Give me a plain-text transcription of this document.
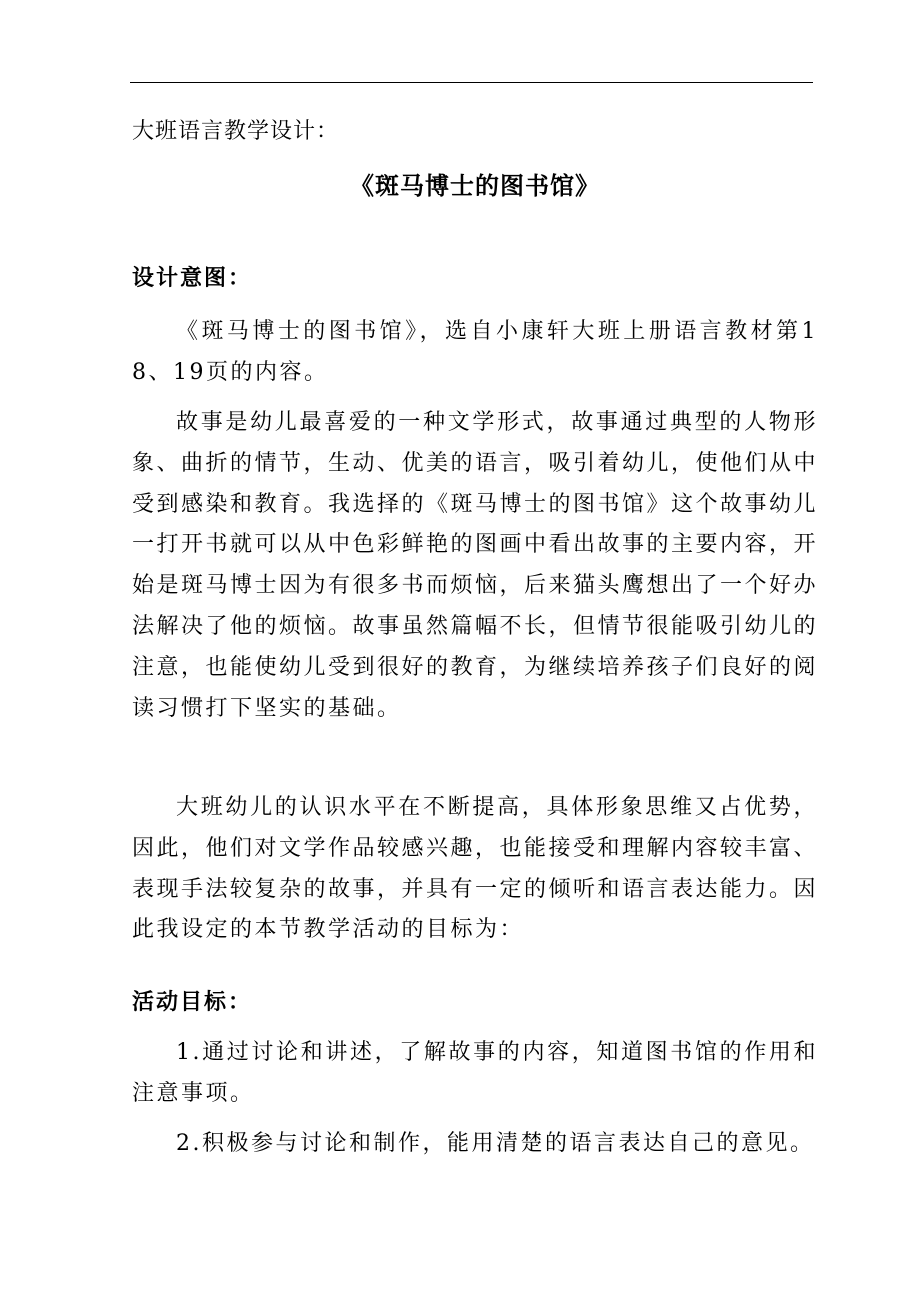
大班语言教学设计：
《斑马博士的图书馆》
设计意图：

《斑马博士的图书馆》，选自小康轩大班上册语言教材第18、19页的内容。

故事是幼儿最喜爱的一种文学形式，故事通过典型的人物形象、曲折的情节，生动、优美的语言，吸引着幼儿，使他们从中受到感染和教育。我选择的《斑马博士的图书馆》这个故事幼儿一打开书就可以从中色彩鲜艳的图画中看出故事的主要内容，开始是斑马博士因为有很多书而烦恼，后来猫头鹰想出了一个好办法解决了他的烦恼。故事虽然篇幅不长，但情节很能吸引幼儿的注意，也能使幼儿受到很好的教育，为继续培养孩子们良好的阅读习惯打下坚实的基础。

大班幼儿的认识水平在不断提高，具体形象思维又占优势，因此，他们对文学作品较感兴趣，也能接受和理解内容较丰富、表现手法较复杂的故事，并具有一定的倾听和语言表达能力。因此我设定的本节教学活动的目标为：

活动目标：

1.通过讨论和讲述，了解故事的内容，知道图书馆的作用和注意事项。

2.积极参与讨论和制作，能用清楚的语言表达自己的意见。
